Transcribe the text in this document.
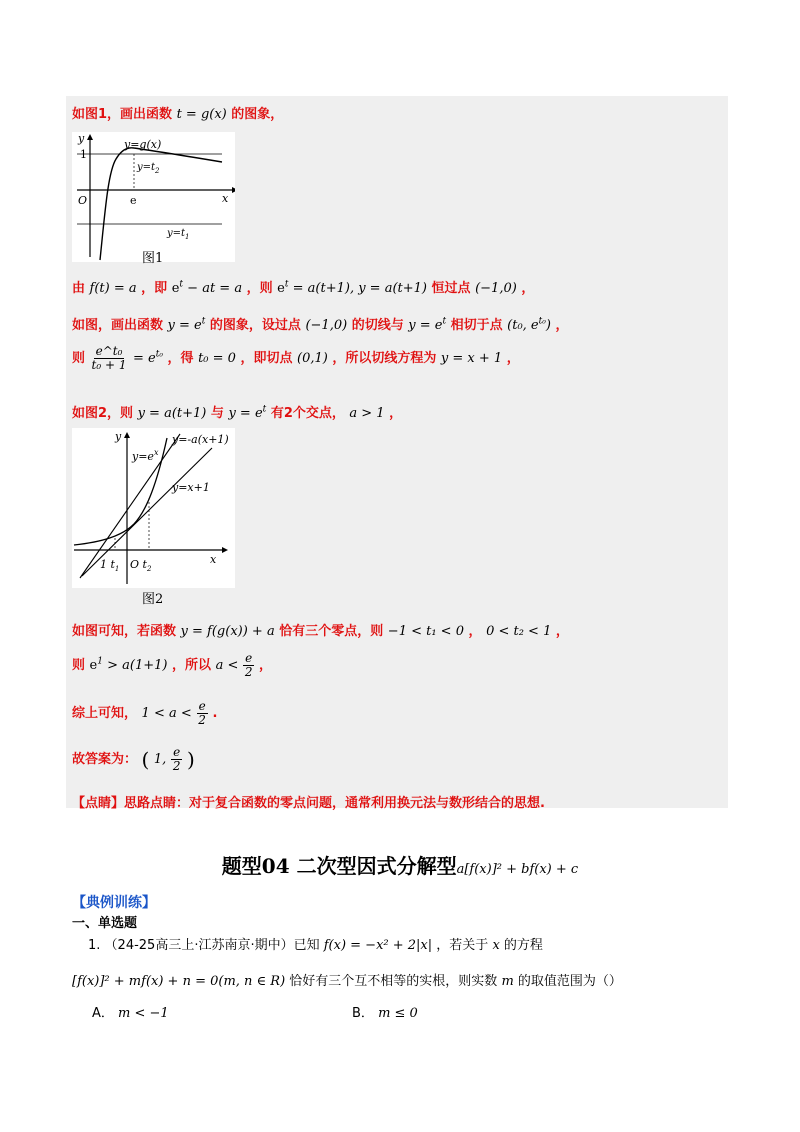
如图1，画出函数 t = g(x) 的图象，
y
x
O
1
e
y=g(x)
$y=t_2$
$y=t_1$
图1
由 f(t) = a ，即 $e^t$ − at = a ，则 $e^t = a(t+1)$, y = a(t+1) 恒过点 (−1,0) ，
如图，画出函数 $y = e^t$ 的图象，设过点 (−1,0) 的切线与 $y = e^t$ 相切于点 (t₀, $e^{t_0}$) ，
则 $\frac{\text{e\textasciicircum{}t₀}}{\text{t₀ + 1}} = e^{t_0}$ ，得 t₀ = 0 ，即切点 (0,1) ，所以切线方程为 y = x + 1 ，
如图2，则 y = a(t+1) 与 $y = e^t$ 有2个交点， a > 1 ，
y
x
$y=e^x$
y=-a(x+1)
y=x+1
1 $t_1$ O $t_2$
图2
如图可知，若函数 y = f(g(x)) + a 恰有三个零点，则 −1 < t₁ < 0 ， 0 < t₂ < 1 ，
则 $e^1 > a(1+1)$ ，所以 $a < \frac{e}{2}$ ，
综上可知， $1 < a < \frac{e}{2}$ .
故答案为： ( 1, $\frac{e}{2}$ )
【点睛】思路点睛：对于复合函数的零点问题，通常利用换元法与数形结合的思想.
题型04 二次型因式分解型a[f(x)]² + bf(x) + c
【典例训练】
一、单选题
1. （24-25高三上·江苏南京·期中）已知 f(x) = −x² + 2|x| ，若关于 x 的方程
[f(x)]² + mf(x) + n = 0(m, n ∈ R) 恰好有三个互不相等的实根，则实数 m 的取值范围为（）
A． m < −1	B． m ≤ 0
